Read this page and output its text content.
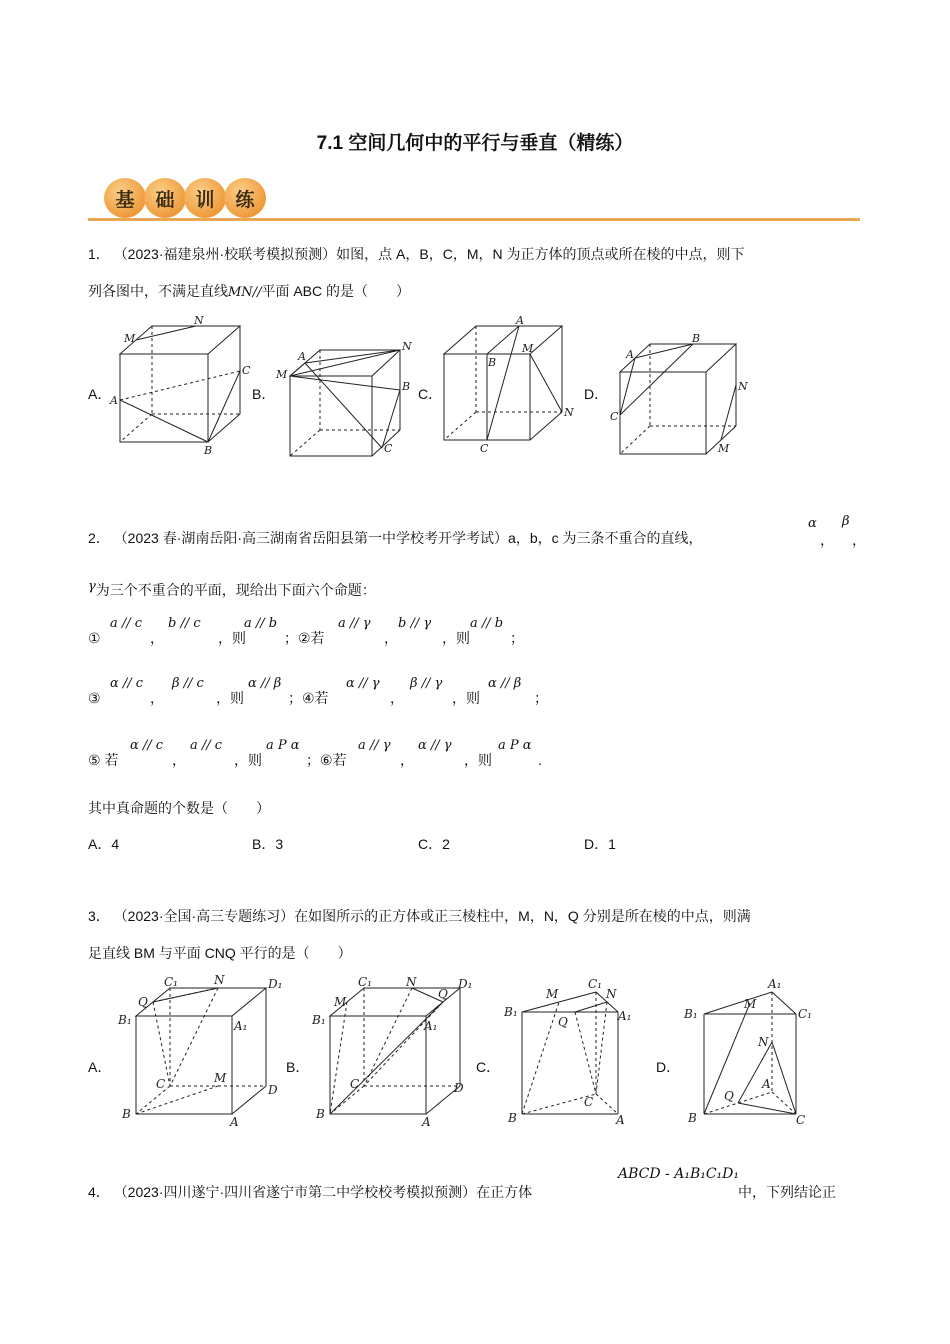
7.1 空间几何中的平行与垂直（精练）
基	础	训	练
1． （2023·福建泉州·校联考模拟预测）如图，点 A，B，C，M，N 为正方体的顶点或所在棱的中点，则下
列各图中，不满足直线MN//平面 ABC 的是（　　）
A．	B．	C．	D．
M
N
A
C
B
A
N
M
B
C
A
M
B
N
C
B
A
N
C
M
2． （2023 春·湖南岳阳·高三湖南省岳阳县第一中学校考开学考试）a，b，c 为三条不重合的直线，
α
，
β
，
γ为三个不重合的平面，现给出下面六个命题：
①
a // c
，
b // c
，则
a // b
；②若
a // γ
，
b // γ
，则
a // b
；
③
α // c
，
β // c
，则
α // β
；④若
α // γ
，
β // γ
，则
α // β
；
⑤ 若
α // c
，
a // c
，则
a P α
；⑥若
a // γ
，
α // γ
，则
a P α
.
其中真命题的个数是（　　）
A．4	B．3	C．2	D．1
3． （2023·全国·高三专题练习）在如图所示的正方体或正三棱柱中，M，N，Q 分别是所在棱的中点，则满
足直线 BM 与平面 CNQ 平行的是（　　）
A．	B．	C．	D．
C₁	N	D₁
Q
B₁	A₁
C	M
D
B
A
C₁
M
N	D₁
Q
B₁	A₁
C	D
B
A
C₁
M	N
B₁
Q	A₁
C
B	A
A₁
M
B₁	C₁
N
A
Q
B	C
4． （2023·四川遂宁·四川省遂宁市第二中学校校考模拟预测）在正方体
ABCD - A₁B₁C₁D₁
中，下列结论正
